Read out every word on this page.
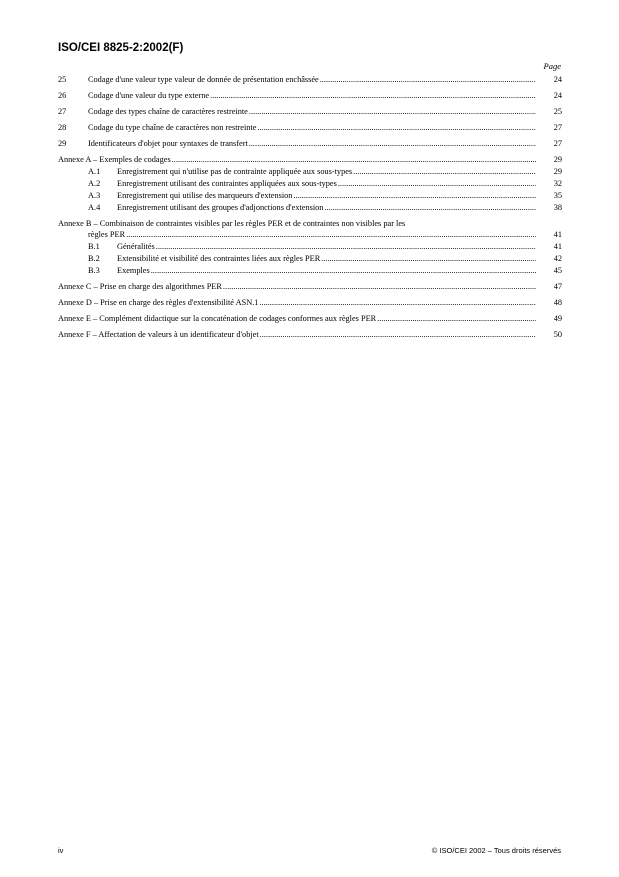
ISO/CEI 8825-2:2002(F)
Page
25	Codage d'une valeur type valeur de donnée de présentation enchâssée .....	24
26	Codage d'une valeur du type externe .....	24
27	Codage des types chaîne de caractères restreinte .....	25
28	Codage du type chaîne de caractères non restreinte .....	27
29	Identificateurs d'objet pour syntaxes de transfert .....	27
Annexe A – Exemples de codages .....	29
A.1	Enregistrement qui n'utilise pas de contrainte appliquée aux sous-types .....	29
A.2	Enregistrement utilisant des contraintes appliquées aux sous-types .....	32
A.3	Enregistrement qui utilise des marqueurs d'extension .....	35
A.4	Enregistrement utilisant des groupes d'adjonctions d'extension .....	38
Annexe B – Combinaison de contraintes visibles par les règles PER et de contraintes non visibles par les
règles PER .....	41
B.1	Généralités .....	41
B.2	Extensibilité et visibilité des contraintes liées aux règles PER .....	42
B.3	Exemples .....	45
Annexe C – Prise en charge des algorithmes PER .....	47
Annexe D – Prise en charge des règles d'extensibilité ASN.1 .....	48
Annexe E – Complément didactique sur la concaténation de codages conformes aux règles PER .....	49
Annexe F – Affectation de valeurs à un identificateur d'objet .....	50
iv	© ISO/CEI 2002 – Tous droits réservés
